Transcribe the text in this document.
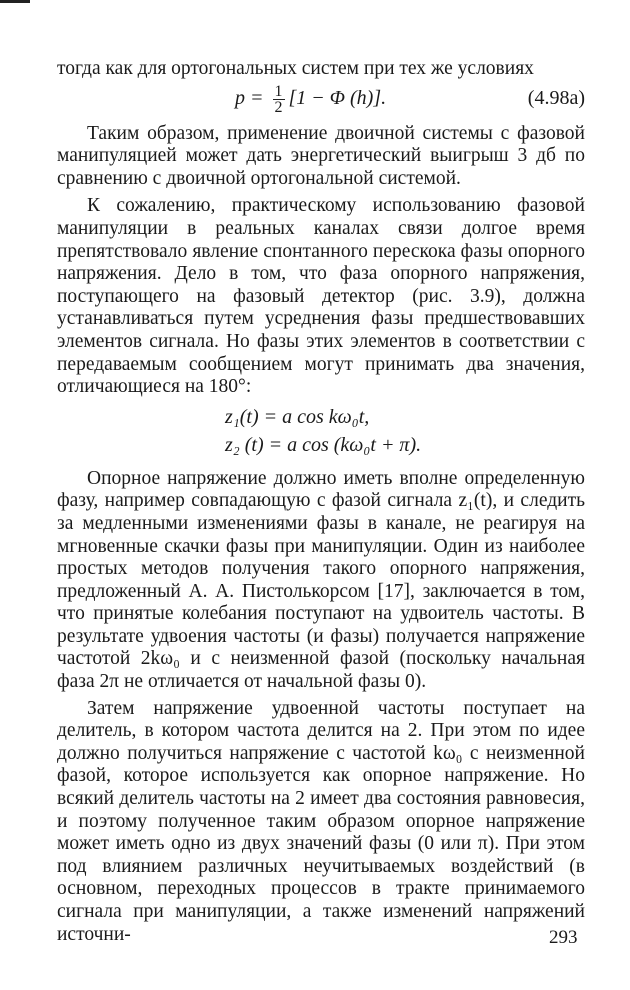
тогда как для ортогональных систем при тех же условиях

$p = \frac{1}{2} [1 - \Phi$ (h)].	(4.98а)

Таким образом, применение двоичной системы с фазовой манипуляцией может дать энергетический выигрыш 3 дб по сравнению с двоичной ортогональной системой.

К сожалению, практическому использованию фазовой манипуляции в реальных каналах связи долгое время препятствовало явление спонтанного перескока фазы опорного напряжения. Дело в том, что фаза опорного напряжения, поступающего на фазовый детектор (рис. 3.9), должна устанавливаться путем усреднения фазы предшествовавших элементов сигнала. Но фазы этих элементов в соответствии с передаваемым сообщением могут принимать два значения, отличающиеся на 180°:

z₁(t) = a cos kω₀t,
z₂ (t) = a cos (kω₀t + π).

Опорное напряжение должно иметь вполне определенную фазу, например совпадающую с фазой сигнала z₁(t), и следить за медленными изменениями фазы в канале, не реагируя на мгновенные скачки фазы при манипуляции. Один из наиболее простых методов получения такого опорного напряжения, предложенный А. А. Пистолькорсом [17], заключается в том, что принятые колебания поступают на удвоитель частоты. В результате удвоения частоты (и фазы) получается напряжение частотой 2kω₀ и с неизменной фазой (поскольку начальная фаза 2π не отличается от начальной фазы 0).

Затем напряжение удвоенной частоты поступает на делитель, в котором частота делится на 2. При этом по идее должно получиться напряжение с частотой kω₀ с неизменной фазой, которое используется как опорное напряжение. Но всякий делитель частоты на 2 имеет два состояния равновесия, и поэтому полученное таким образом опорное напряжение может иметь одно из двух значений фазы (0 или π). При этом под влиянием различных неучитываемых воздействий (в основном, переходных процессов в тракте принимаемого сигнала при манипуляции, а также изменений напряжений источни-	293
